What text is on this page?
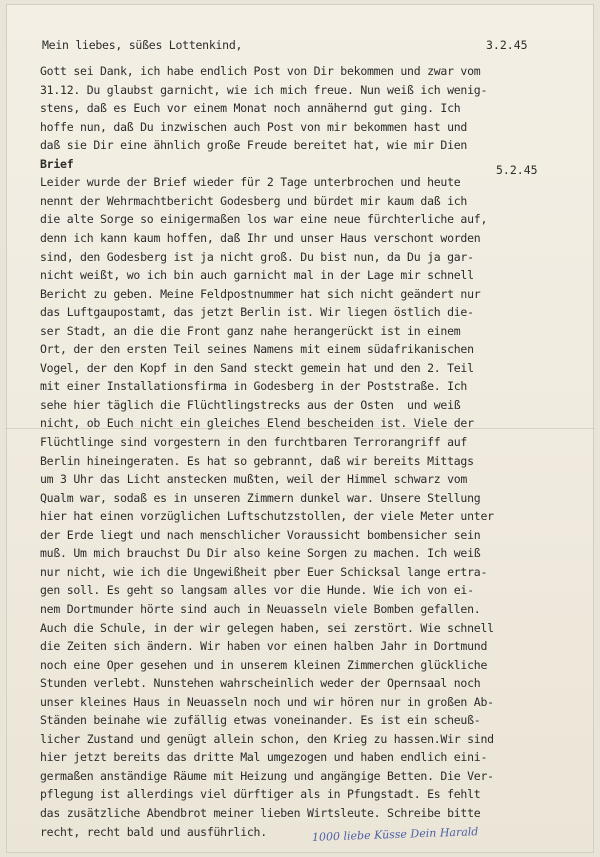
Mein liebes, süßes Lottenkind,	3.2.45
5.2.45
Gott sei Dank, ich habe endlich Post von Dir bekommen und zwar vom
31.12. Du glaubst garnicht, wie ich mich freue. Nun weiß ich wenig-
stens, daß es Euch vor einem Monat noch annähernd gut ging. Ich
hoffe nun, daß Du inzwischen auch Post von mir bekommen hast und
daß sie Dir eine ähnlich große Freude bereitet hat, wie mir Dien
Brief
Leider wurde der Brief wieder für 2 Tage unterbrochen und heute
nennt der Wehrmachtbericht Godesberg und bürdet mir kaum daß ich
die alte Sorge so einigermaßen los war eine neue fürchterliche auf,
denn ich kann kaum hoffen, daß Ihr und unser Haus verschont worden
sind, den Godesberg ist ja nicht groß. Du bist nun, da Du ja gar-
nicht weißt, wo ich bin auch garnicht mal in der Lage mir schnell
Bericht zu geben. Meine Feldpostnummer hat sich nicht geändert nur
das Luftgaupostamt, das jetzt Berlin ist. Wir liegen östlich die-
ser Stadt, an die die Front ganz nahe herangerückt ist in einem
Ort, der den ersten Teil seines Namens mit einem südafrikanischen
Vogel, der den Kopf in den Sand steckt gemein hat und den 2. Teil
mit einer Installationsfirma in Godesberg in der Poststraße. Ich
sehe hier täglich die Flüchtlingstrecks aus der Osten  und weiß
nicht, ob Euch nicht ein gleiches Elend bescheiden ist. Viele der
Flüchtlinge sind vorgestern in den furchtbaren Terrorangriff auf
Berlin hineingeraten. Es hat so gebrannt, daß wir bereits Mittags
um 3 Uhr das Licht anstecken mußten, weil der Himmel schwarz vom
Qualm war, sodaß es in unseren Zimmern dunkel war. Unsere Stellung
hier hat einen vorzüglichen Luftschutzstollen, der viele Meter unter
der Erde liegt und nach menschlicher Voraussicht bombensicher sein
muß. Um mich brauchst Du Dir also keine Sorgen zu machen. Ich weiß
nur nicht, wie ich die Ungewißheit pber Euer Schicksal lange ertra-
gen soll. Es geht so langsam alles vor die Hunde. Wie ich von ei-
nem Dortmunder hörte sind auch in Neuasseln viele Bomben gefallen.
Auch die Schule, in der wir gelegen haben, sei zerstört. Wie schnell
die Zeiten sich ändern. Wir haben vor einen halben Jahr in Dortmund
noch eine Oper gesehen und in unserem kleinen Zimmerchen glückliche
Stunden verlebt. Nunstehen wahrscheinlich weder der Opernsaal noch
unser kleines Haus in Neuasseln noch und wir hören nur in großen Ab-
Ständen beinahe wie zufällig etwas voneinander. Es ist ein scheuß-
licher Zustand und genügt allein schon, den Krieg zu hassen.Wir sind
hier jetzt bereits das dritte Mal umgezogen und haben endlich eini-
germaßen anständige Räume mit Heizung und angängige Betten. Die Ver-
pflegung ist allerdings viel dürftiger als in Pfungstadt. Es fehlt
das zusätzliche Abendbrot meiner lieben Wirtsleute. Schreibe bitte
recht, recht bald und ausführlich.	1000 liebe Küsse Dein Harald
